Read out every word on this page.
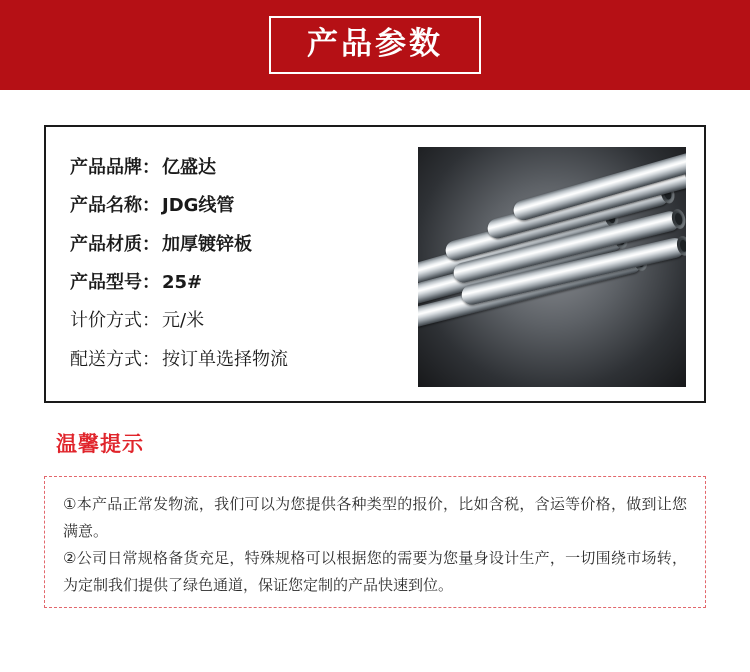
产品参数
产品品牌： 亿盛达
产品名称： JDG线管
产品材质： 加厚镀锌板
产品型号： 25#
计价方式： 元/米
配送方式： 按订单选择物流
温馨提示
①本产品正常发物流，我们可以为您提供各种类型的报价，比如含税，含运等价格，做到让您满意。
②公司日常规格备货充足，特殊规格可以根据您的需要为您量身设计生产，一切围绕市场转，为定制我们提供了绿色通道，保证您定制的产品快速到位。
